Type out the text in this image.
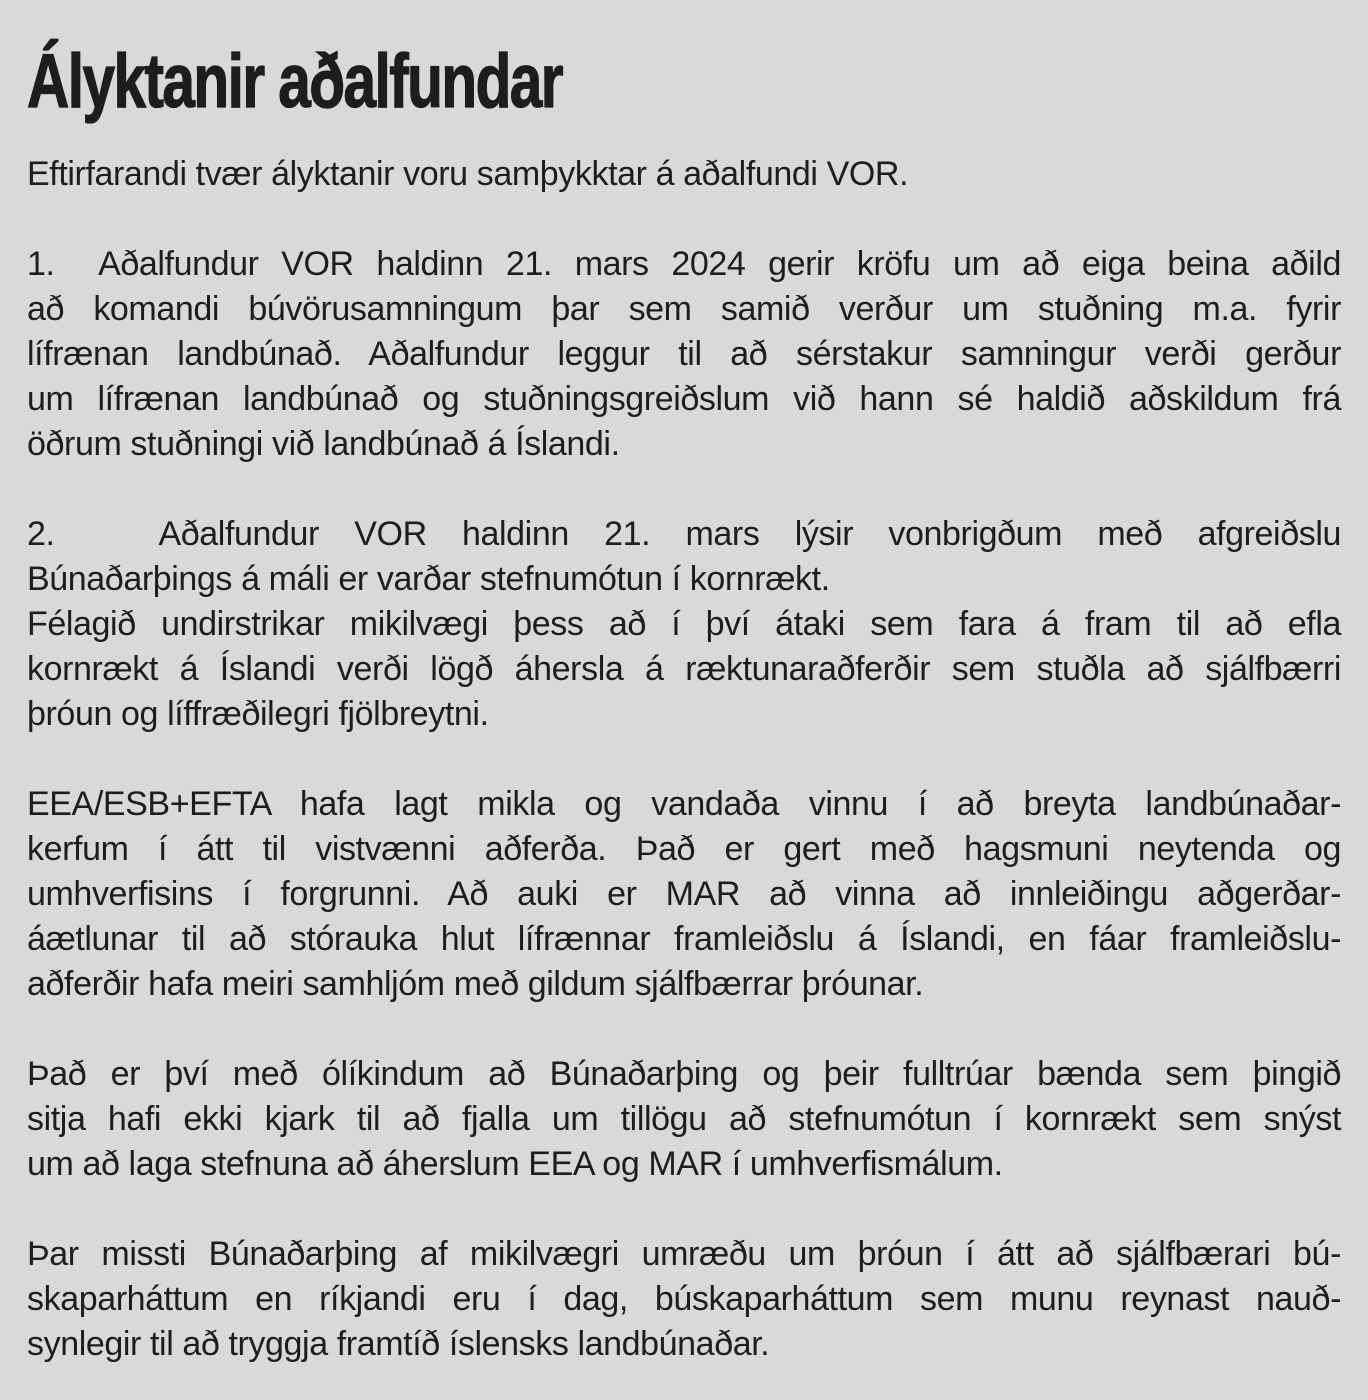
Ályktanir aðalfundar

Eftirfarandi tvær ályktanir voru samþykktar á aðalfundi VOR.

1.  Aðalfundur VOR haldinn 21. mars 2024 gerir kröfu um að eiga beina aðild
að komandi búvörusamningum þar sem samið verður um stuðning m.a. fyrir
lífrænan landbúnað. Aðalfundur leggur til að sérstakur samningur verði gerður
um lífrænan landbúnað og stuðningsgreiðslum við hann sé haldið aðskildum frá
öðrum stuðningi við landbúnað á Íslandi.
2.   Aðalfundur VOR haldinn 21. mars lýsir vonbrigðum með afgreiðslu
Búnaðarþings á máli er varðar stefnumótun í kornrækt.
Félagið undirstrikar mikilvægi þess að í því átaki sem fara á fram til að efla
kornrækt á Íslandi verði lögð áhersla á ræktunaraðferðir sem stuðla að sjálfbærri
þróun og líffræðilegri fjölbreytni.
EEA/ESB+EFTA hafa lagt mikla og vandaða vinnu í að breyta landbúnaðar-
kerfum í átt til vistvænni aðferða. Það er gert með hagsmuni neytenda og
umhverfisins í forgrunni. Að auki er MAR að vinna að innleiðingu aðgerðar-
áætlunar til að stórauka hlut lífrænnar framleiðslu á Íslandi, en fáar framleiðslu-
aðferðir hafa meiri samhljóm með gildum sjálfbærrar þróunar.
Það er því með ólíkindum að Búnaðarþing og þeir fulltrúar bænda sem þingið
sitja hafi ekki kjark til að fjalla um tillögu að stefnumótun í kornrækt sem snýst
um að laga stefnuna að áherslum EEA og MAR í umhverfismálum.
Þar missti Búnaðarþing af mikilvægri umræðu um þróun í átt að sjálfbærari bú-
skaparháttum en ríkjandi eru í dag, búskaparháttum sem munu reynast nauð-
synlegir til að tryggja framtíð íslensks landbúnaðar.
